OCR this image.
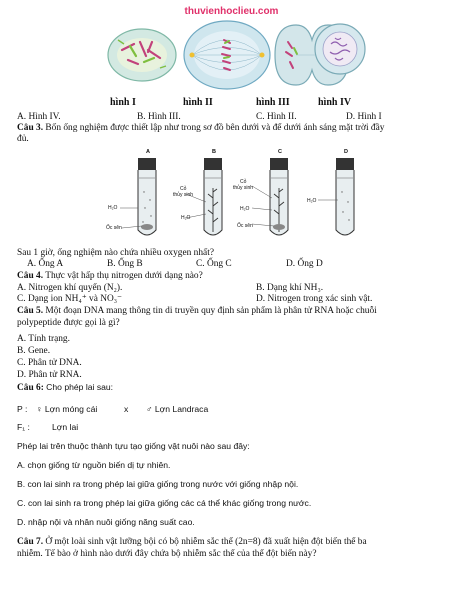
thuvienhoclieu.com
hình I	hình II	hình III	hình IV
A. Hình IV.	B. Hình III.	C. Hình II.	D. Hình I
Câu 3. Bốn ống nghiệm được thiết lập như trong sơ đồ bên dưới và để dưới ánh sáng mặt trời đầy
đủ.
A	B	C	D
H₂O
Ốc sên
Cỏ
thủy sinh
H₂O
Cỏ
thủy sinh
H₂O
Ốc sên
H₂O
Sau 1 giờ, ống nghiệm nào chứa nhiều oxygen nhất?
A. Ống A	B. Ống B	C. Ống C	D. Ống D
Câu 4. Thực vật hấp thụ nitrogen dưới dạng nào?
A. Nitrogen khí quyển (N₂).	B. Dạng khí NH₃.
C. Dạng ion NH₄⁺ và NO₃⁻	D. Nitrogen trong xác sinh vật.
Câu 5. Một đoạn DNA mang thông tin di truyền quy định sản phẩm là phân tử RNA hoặc chuỗi
polypeptide được gọi là gì?
A. Tính trạng.
B. Gene.
C. Phân tử DNA.
D. Phân tử RNA.
Câu 6: Cho phép lai sau:
P : ♀ Lợn móng cái	x ♂ Lợn Landraca
F₁ :	Lợn lai
Phép lai trên thuộc thành tựu tạo giống vật nuôi nào sau đây:
A. chọn giống từ nguồn biến dị tự nhiên.
B. con lai sinh ra trong phép lai giữa giống trong nước với giống nhập nội.
C. con lai sinh ra trong phép lai giữa giống các cá thể khác giống trong nước.
D. nhập nội và nhân nuôi giống năng suất cao.
Câu 7. Ở một loài sinh vật lưỡng bội có bộ nhiễm sắc thể (2n=8) đã xuất hiện đột biến thể ba
nhiễm. Tế bào ở hình nào dưới đây chứa bộ nhiễm sắc thể của thể đột biến này?
